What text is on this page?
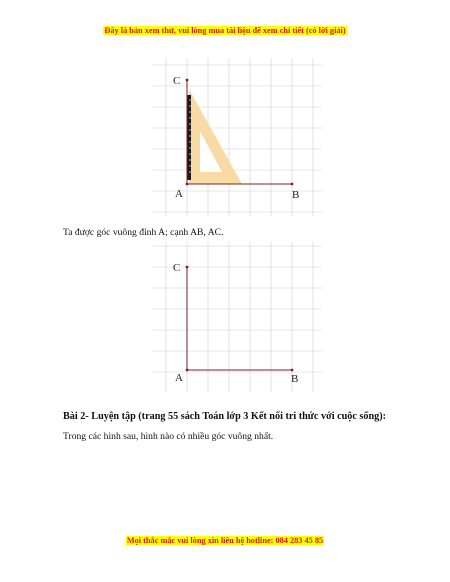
Đây là bản xem thử, vui lòng mua tài liệu để xem chi tiết (có lời giải)
C
A	B
Ta được góc vuông đỉnh A; cạnh AB, AC.
C
A	B
Bài 2- Luyện tập (trang 55 sách Toán lớp 3 Kết nối tri thức với cuộc sống):
Trong các hình sau, hình nào có nhiều góc vuông nhất.
Mọi thắc mắc vui lòng xin liên hệ hotline: 084 283 45 85
